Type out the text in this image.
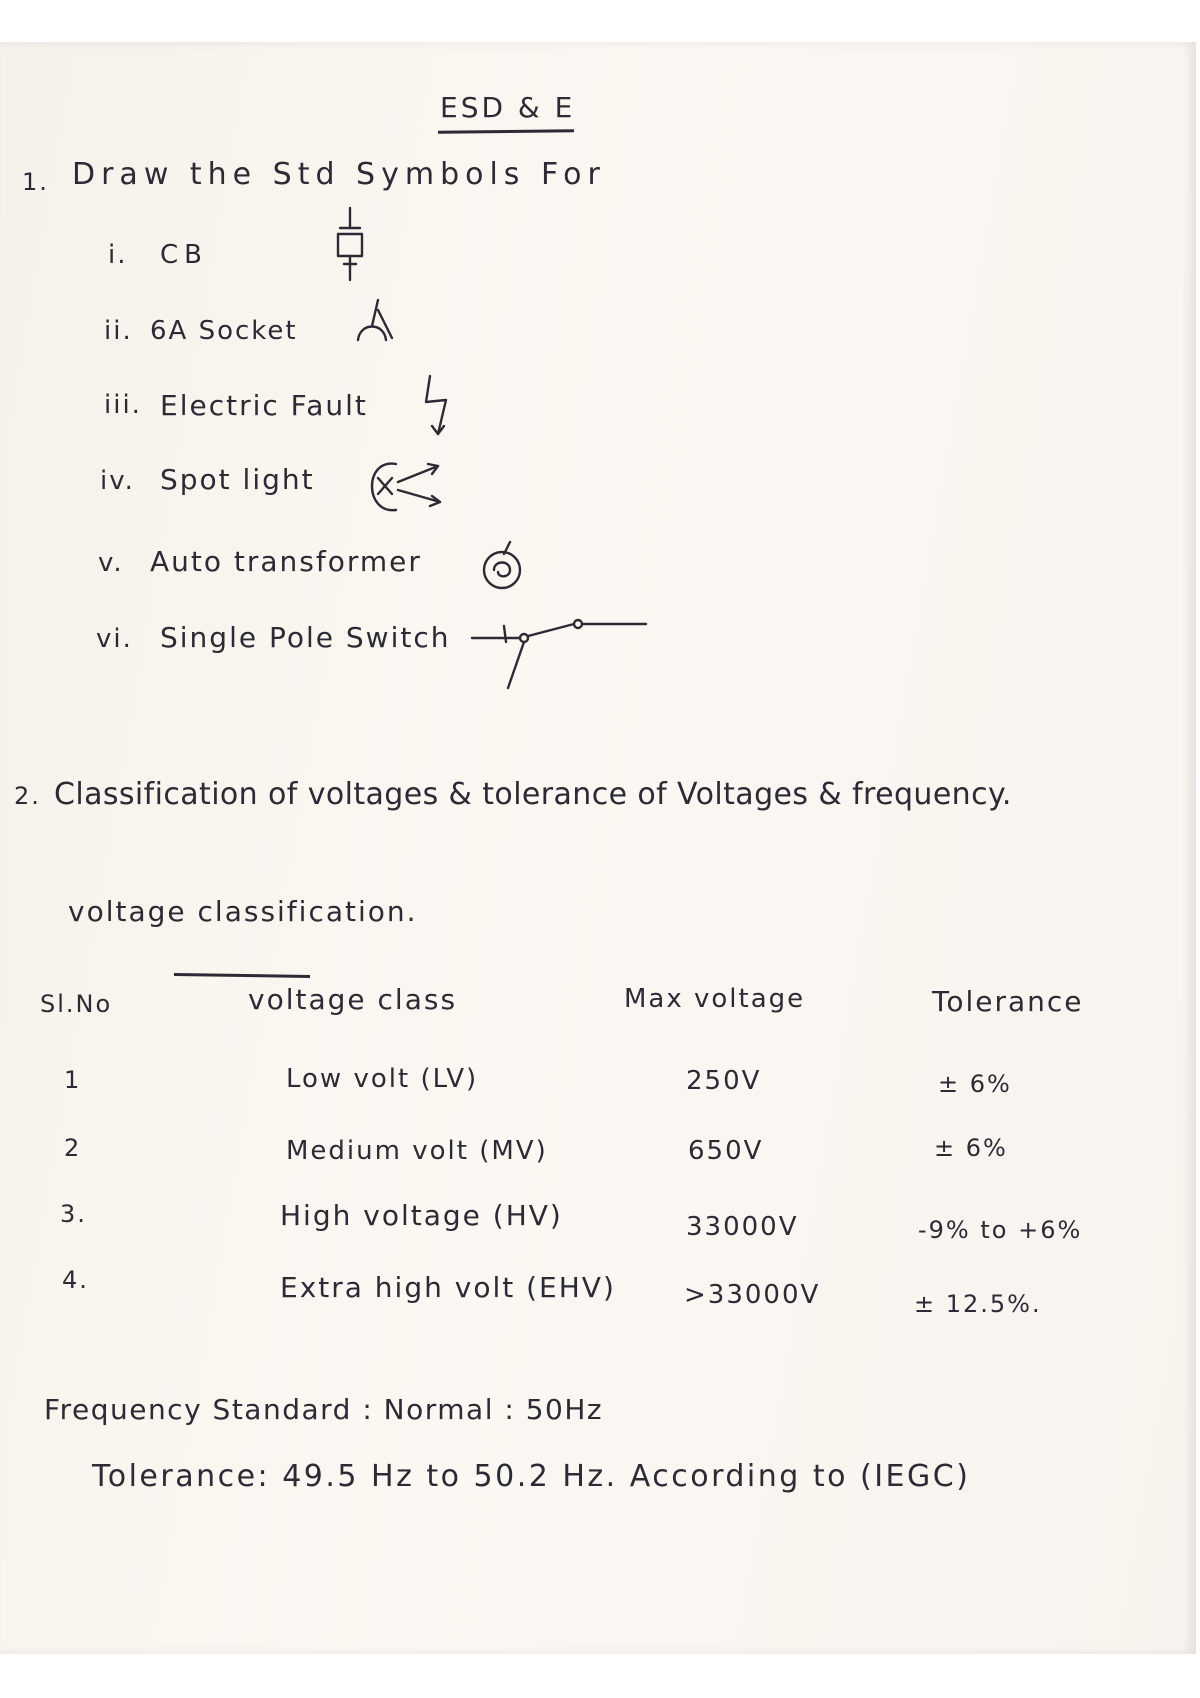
ESD & E
1. Draw the Std Symbols For
i. CB
ii. 6A Socket
iii. Electric Fault
iv. Spot light
v. Auto transformer
vi. Single Pole Switch
2. Classification of voltages & tolerance of Voltages & frequency.
voltage classification.
Sl.No	voltage class	Max voltage	Tolerance
1	Low volt (LV)	250V	± 6%
2	Medium volt (MV)	650V	± 6%
3.	High voltage (HV)	33000V	-9% to +6%
4.	Extra high volt (EHV)	>33000V	± 12.5%.
Frequency Standard : Normal : 50Hz
Tolerance: 49.5 Hz to 50.2 Hz. According to (IEGC)
